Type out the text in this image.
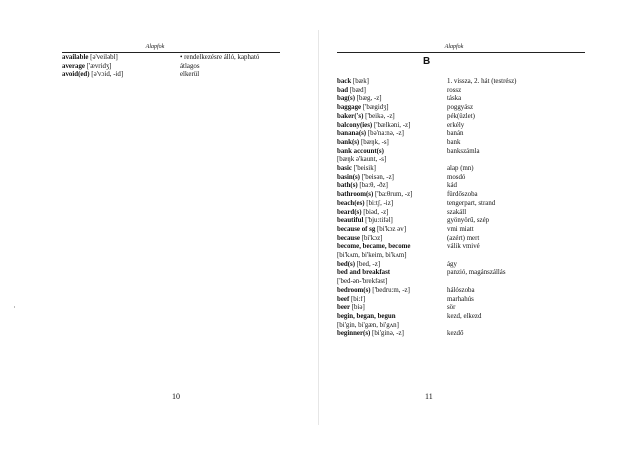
Alapfok
available [ə'veiləbl]	• rendelkezésre álló, kapható
average ['ævridʒ]	átlagos
avoid(ed) [ə'vɔid, -id]	elkerül
10
Alapfok
B
back [bæk]	1. vissza, 2. hát (testrész)
bad [bæd]	rossz
bag(s) [bæg, -z]	táska
baggage ['bægidʒ]	poggyász
baker('s) ['beikə, -z]	pék(üzlet)
balcony(ies) ['bælkəni, -z]	erkély
banana(s) [bə'na:nə, -z]	banán
bank(s) [bæŋk, -s]	bank
bank account(s)	bankszámla
[bæŋk ə'kaunt, -s]
basic ['beisik]	alap (mn)
basin(s) ['beisən, -z]	mosdó
bath(s) [ba:θ, -ðz]	kád
bathroom(s) ['ba:θrum, -z]	fürdőszoba
beach(es) [bi:tʃ, -iz]	tengerpart, strand
beard(s) [biəd, -z]	szakáll
beautiful ['bju:tifəl]	gyönyörű, szép
because of sg [bi'kɔz əv]	vmi miatt
because [bi'kɔz]	(azért) mert
become, became, become	válik vmivé
[bi'kʌm, bi'keim, bi'kʌm]
bed(s) [bed, -z]	ágy
bed and breakfast	panzió, magánszállás
['bed-ən-'brekfəst]
bedroom(s) ['bedru:m, -z]	hálószoba
beef [bi:f]	marhahús
beer [biə]	sör
begin, began, begun	kezd, elkezd
[bi'gin, bi'gæn, bi'gʌn]
beginner(s) [bi'ginə, -z]	kezdő
11
